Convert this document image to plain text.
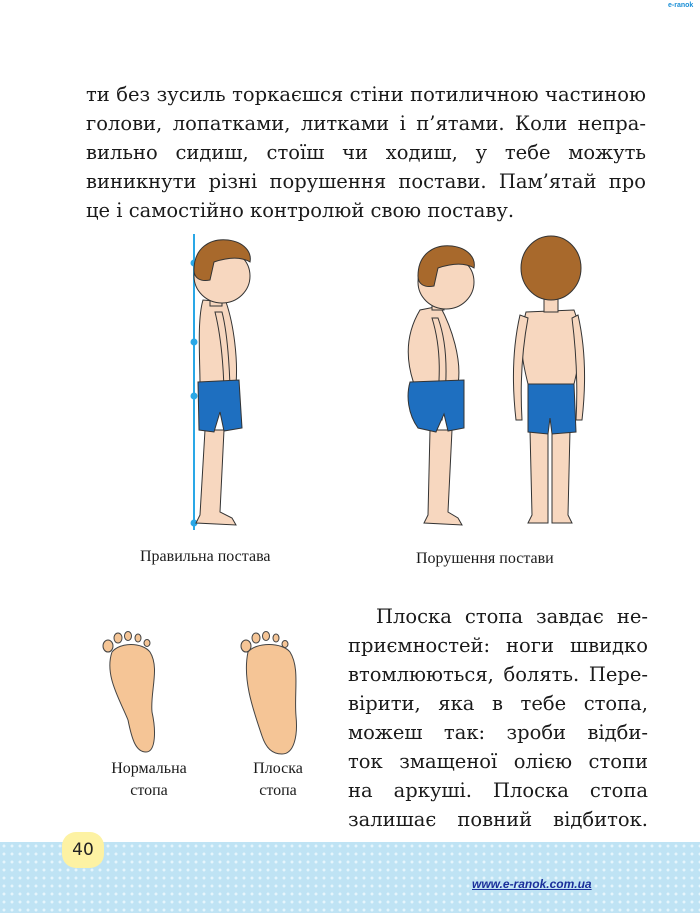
e-ranok
ти без зусиль торкаєшся стіни потиличною частиною
голови, лопатками, литками і п’ятами. Коли непра-
вильно сидиш, стоїш чи ходиш, у тебе можуть
виникнути різні порушення постави. Пам’ятай про
це і самостійно контролюй свою поставу.
Правильна постава	Порушення постави
Плоска стопа завдає не-
приємностей: ноги швидко
втомлюються, болять. Пере-
вірити, яка в тебе стопа,
можеш так: зроби відби-
ток змащеної олією стопи
на аркуші. Плоска стопа
залишає повний відбиток.
Нормальна
стопа
Плоска
стопа
40
www.e-ranok.com.ua
